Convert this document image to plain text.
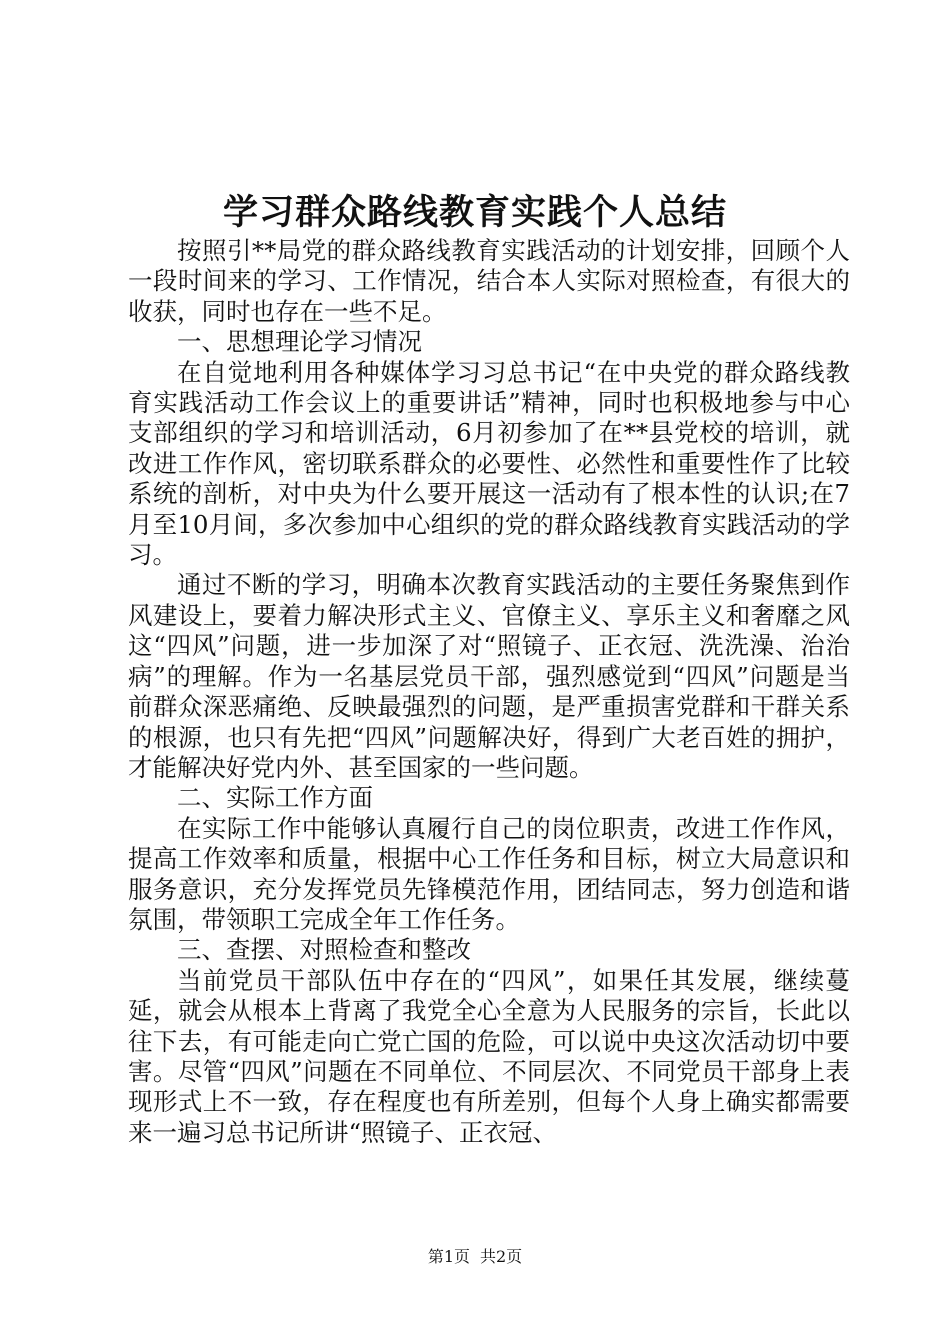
学习群众路线教育实践个人总结

按照引**局党的群众路线教育实践活动的计划安排，回顾个人一段时间来的学习、工作情况，结合本人实际对照检查，有很大的收获，同时也存在一些不足。

一、思想理论学习情况

在自觉地利用各种媒体学习习总书记“在中央党的群众路线教育实践活动工作会议上的重要讲话”精神，同时也积极地参与中心支部组织的学习和培训活动，6月初参加了在**县党校的培训，就改进工作作风，密切联系群众的必要性、必然性和重要性作了比较系统的剖析，对中央为什么要开展这一活动有了根本性的认识;在7月至10月间，多次参加中心组织的党的群众路线教育实践活动的学习。

通过不断的学习，明确本次教育实践活动的主要任务聚焦到作风建设上，要着力解决形式主义、官僚主义、享乐主义和奢靡之风这“四风”问题，进一步加深了对“照镜子、正衣冠、洗洗澡、治治病”的理解。作为一名基层党员干部，强烈感觉到“四风”问题是当前群众深恶痛绝、反映最强烈的问题，是严重损害党群和干群关系的根源，也只有先把“四风”问题解决好，得到广大老百姓的拥护，才能解决好党内外、甚至国家的一些问题。

二、实际工作方面

在实际工作中能够认真履行自己的岗位职责，改进工作作风，提高工作效率和质量，根据中心工作任务和目标，树立大局意识和服务意识，充分发挥党员先锋模范作用，团结同志，努力创造和谐氛围，带领职工完成全年工作任务。

三、查摆、对照检查和整改

当前党员干部队伍中存在的“四风”，如果任其发展，继续蔓延，就会从根本上背离了我党全心全意为人民服务的宗旨，长此以往下去，有可能走向亡党亡国的危险，可以说中央这次活动切中要害。尽管“四风”问题在不同单位、不同层次、不同党员干部身上表现形式上不一致，存在程度也有所差别，但每个人身上确实都需要来一遍习总书记所讲“照镜子、正衣冠、

第1页 共2页
